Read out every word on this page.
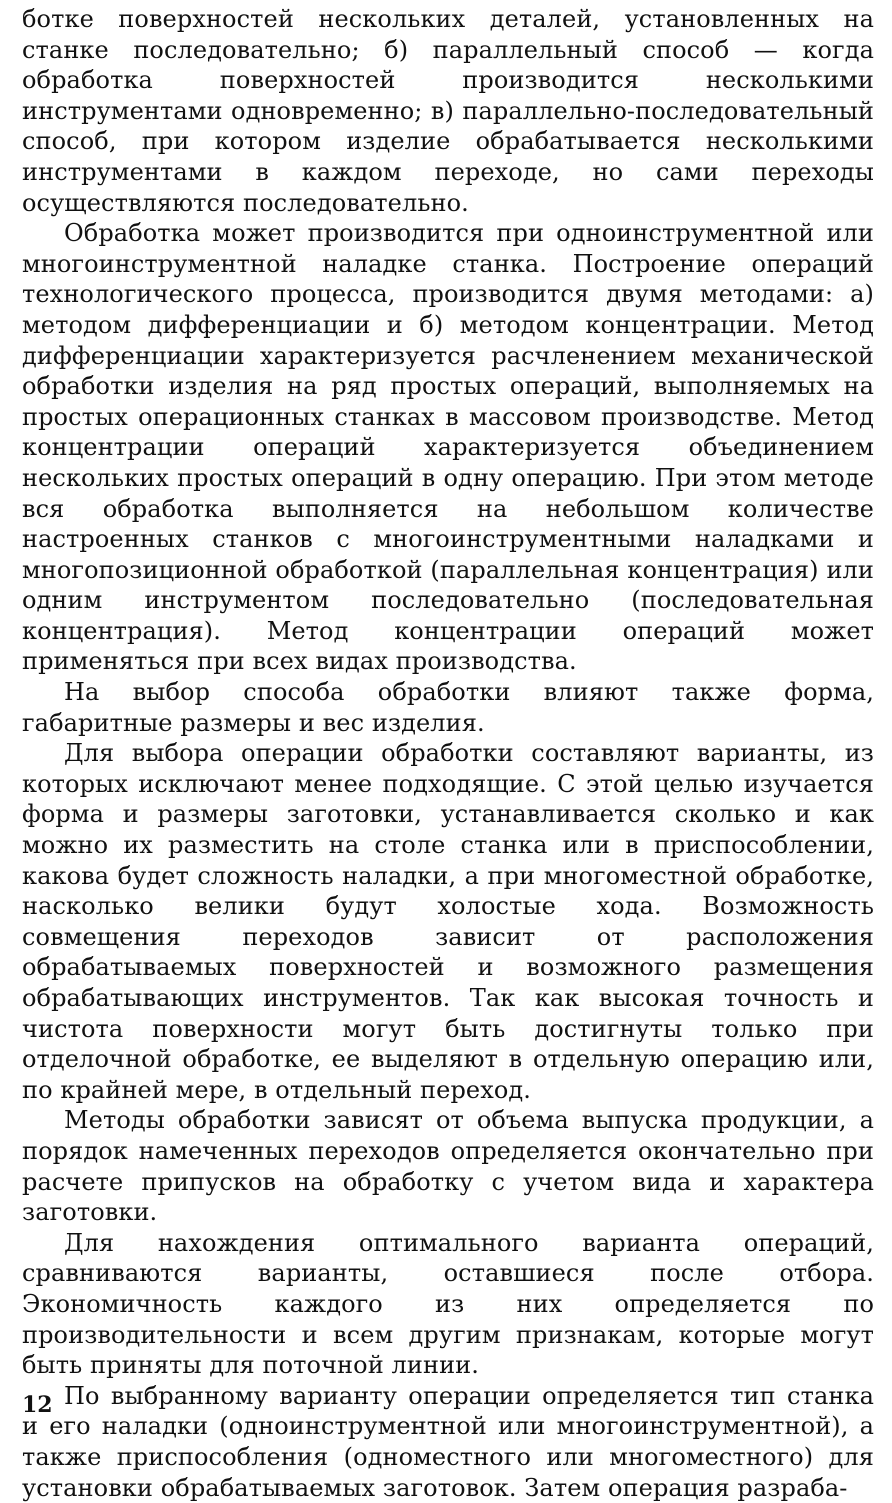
ботке поверхностей нескольких деталей, установленных на станке последовательно; б) параллельный способ — когда обработка поверхностей производится несколькими инструментами одновременно; в) параллельно-последовательный способ, при котором изделие обрабатывается несколькими инструментами в каждом переходе, но сами переходы осуществляются последовательно.

Обработка может производится при одноинструментной или многоинструментной наладке станка. Построение операций технологического процесса, производится двумя методами: а) методом дифференциации и б) методом концентрации. Метод дифференциации характеризуется расчленением механической обработки изделия на ряд простых операций, выполняемых на простых операционных станках в массовом производстве. Метод концентрации операций характеризуется объединением нескольких простых операций в одну операцию. При этом методе вся обработка выполняется на небольшом количестве настроенных станков с многоинструментными наладками и многопозиционной обработкой (параллельная концентрация) или одним инструментом последовательно (последовательная концентрация). Метод концентрации операций может применяться при всех видах производства.

На выбор способа обработки влияют также форма, габаритные размеры и вес изделия.

Для выбора операции обработки составляют варианты, из которых исключают менее подходящие. С этой целью изучается форма и размеры заготовки, устанавливается сколько и как можно их разместить на столе станка или в приспособлении, какова будет сложность наладки, а при многоместной обработке, насколько велики будут холостые хода. Возможность совмещения переходов зависит от расположения обрабатываемых поверхностей и возможного размещения обрабатывающих инструментов. Так как высокая точность и чистота поверхности могут быть достигнуты только при отделочной обработке, ее выделяют в отдельную операцию или, по крайней мере, в отдельный переход.

Методы обработки зависят от объема выпуска продукции, а порядок намеченных переходов определяется окончательно при расчете припусков на обработку с учетом вида и характера заготовки.

Для нахождения оптимального варианта операций, сравниваются варианты, оставшиеся после отбора. Экономичность каждого из них определяется по производительности и всем другим признакам, которые могут быть приняты для поточной линии.

По выбранному варианту операции определяется тип станка и его наладки (одноинструментной или многоинструментной), а также приспособления (одноместного или многоместного) для установки обрабатываемых заготовок. Затем операция разраба-

12
